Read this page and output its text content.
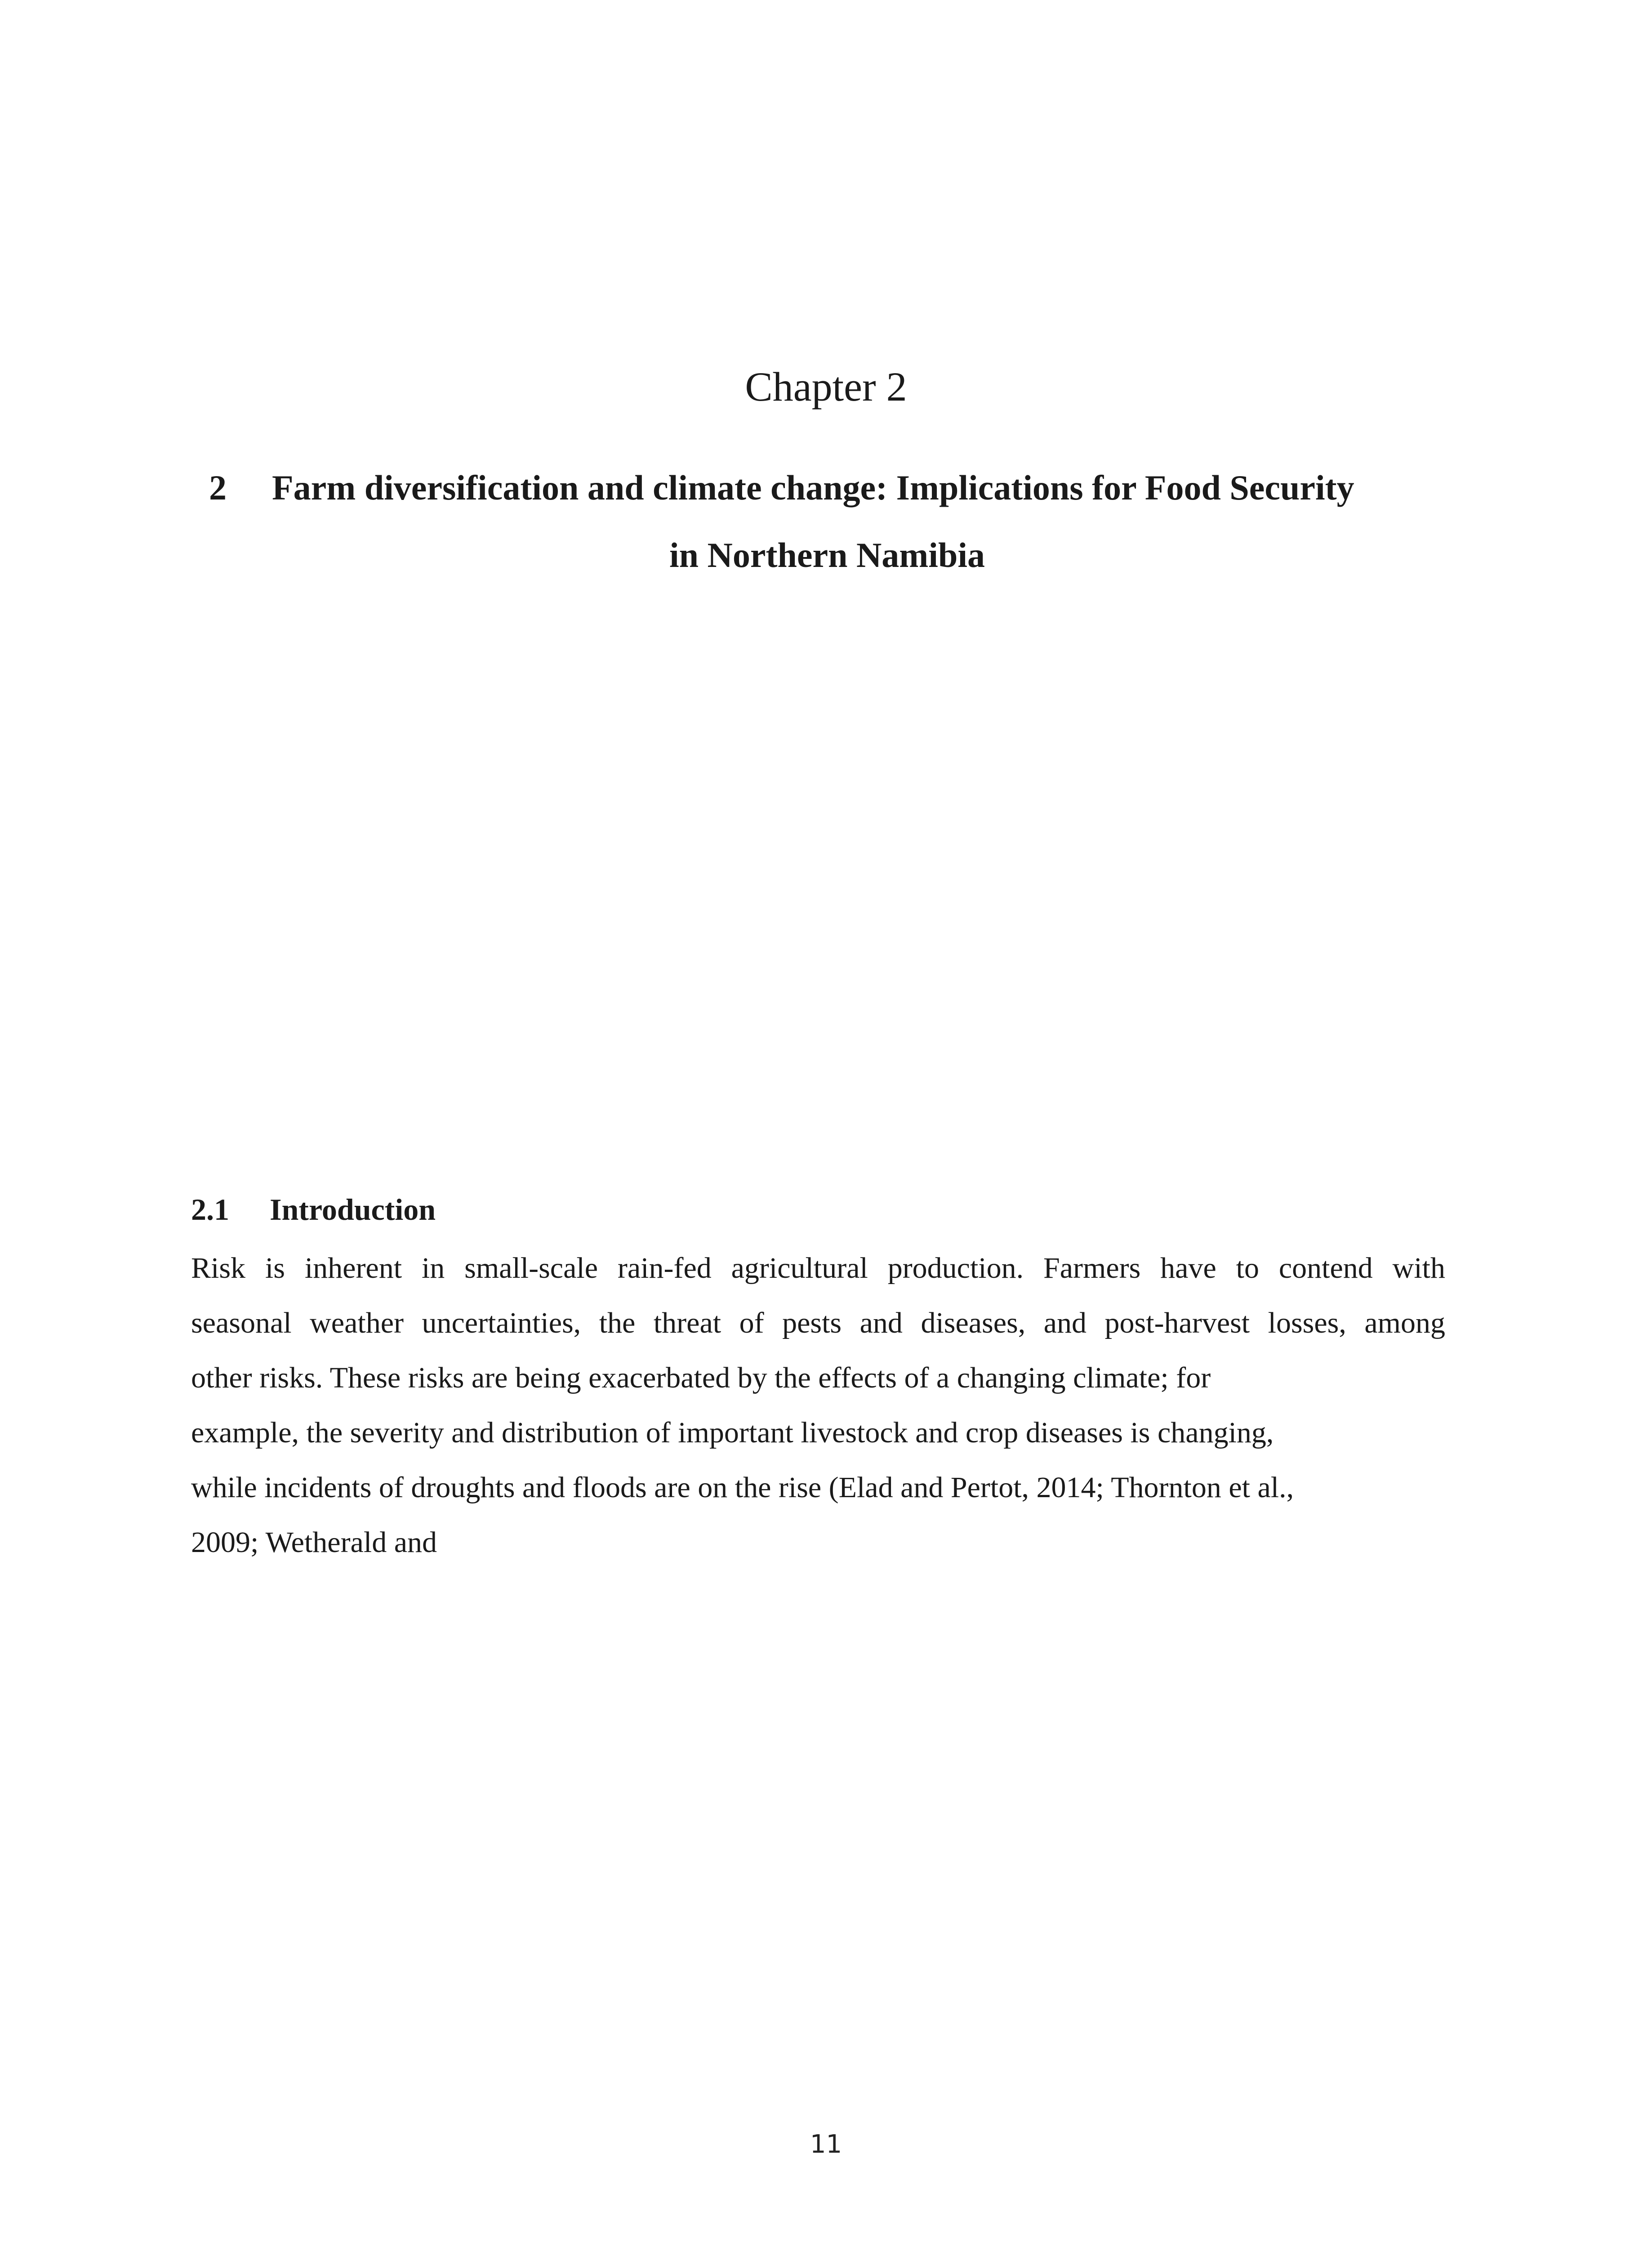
Chapter 2
2 Farm diversification and climate change: Implications for Food Security
in Northern Namibia
2.1 Introduction
Risk is inherent in small-scale rain-fed agricultural production. Farmers have to contend with
seasonal weather uncertainties, the threat of pests and diseases, and post-harvest losses, among
other risks. These risks are being exacerbated by the effects of a changing climate; for
example, the severity and distribution of important livestock and crop diseases is changing,
while incidents of droughts and floods are on the rise (Elad and Pertot, 2014; Thornton et al.,
2009; Wetherald and
11
